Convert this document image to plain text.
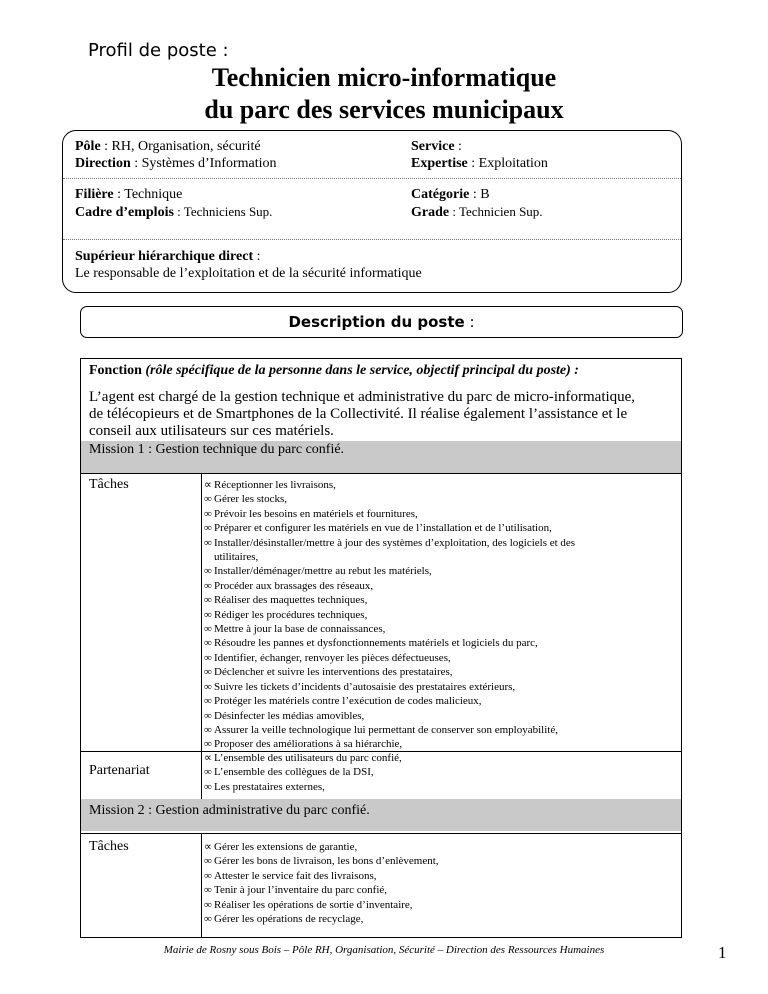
Profil de poste :
Technicien micro-informatique
du parc des services municipaux
Pôle : RH, Organisation, sécurité
Direction : Systèmes d’Information
Service :
Expertise : Exploitation
Filière : Technique
Cadre d’emplois : Techniciens Sup.
Catégorie : B
Grade : Technicien Sup.
Supérieur hiérarchique direct :
Le responsable de l’exploitation et de la sécurité informatique
Description du poste :
Fonction (rôle spécifique de la personne dans le service, objectif principal du poste) :
L’agent est chargé de la gestion technique et administrative du parc de micro-informatique,
de télécopieurs et de Smartphones de la Collectivité. Il réalise également l’assistance et le
conseil aux utilisateurs sur ces matériels.
Mission 1 : Gestion technique du parc confié.
Tâches	∝ Réceptionner les livraisons,
∞ Gérer les stocks,
∞ Prévoir les besoins en matériels et fournitures,
∞ Préparer et configurer les matériels en vue de l’installation et de l’utilisation,
∞ Installer/désinstaller/mettre à jour des systèmes d’exploitation, des logiciels et des
utilitaires,
∞ Installer/déménager/mettre au rebut les matériels,
∞ Procéder aux brassages des réseaux,
∞ Réaliser des maquettes techniques,
∞ Rédiger les procédures techniques,
∞ Mettre à jour la base de connaissances,
∞ Résoudre les pannes et dysfonctionnements matériels et logiciels du parc,
∞ Identifier, échanger, renvoyer les pièces défectueuses,
∞ Déclencher et suivre les interventions des prestataires,
∞ Suivre les tickets d’incidents d’autosaisie des prestataires extérieurs,
∞ Protéger les matériels contre l’exécution de codes malicieux,
∞ Désinfecter les médias amovibles,
∞ Assurer la veille technologique lui permettant de conserver son employabilité,
∞ Proposer des améliorations à sa hiérarchie,
Partenariat
∝ L’ensemble des utilisateurs du parc confié,
∞ L’ensemble des collègues de la DSI,
∞ Les prestataires externes,
Mission 2 : Gestion administrative du parc confié.
Tâches	∝ Gérer les extensions de garantie,
∞ Gérer les bons de livraison, les bons d’enlèvement,
∞ Attester le service fait des livraisons,
∞ Tenir à jour l’inventaire du parc confié,
∞ Réaliser les opérations de sortie d’inventaire,
∞ Gérer les opérations de recyclage,
Mairie de Rosny sous Bois – Pôle RH, Organisation, Sécurité – Direction des Ressources Humaines	1
